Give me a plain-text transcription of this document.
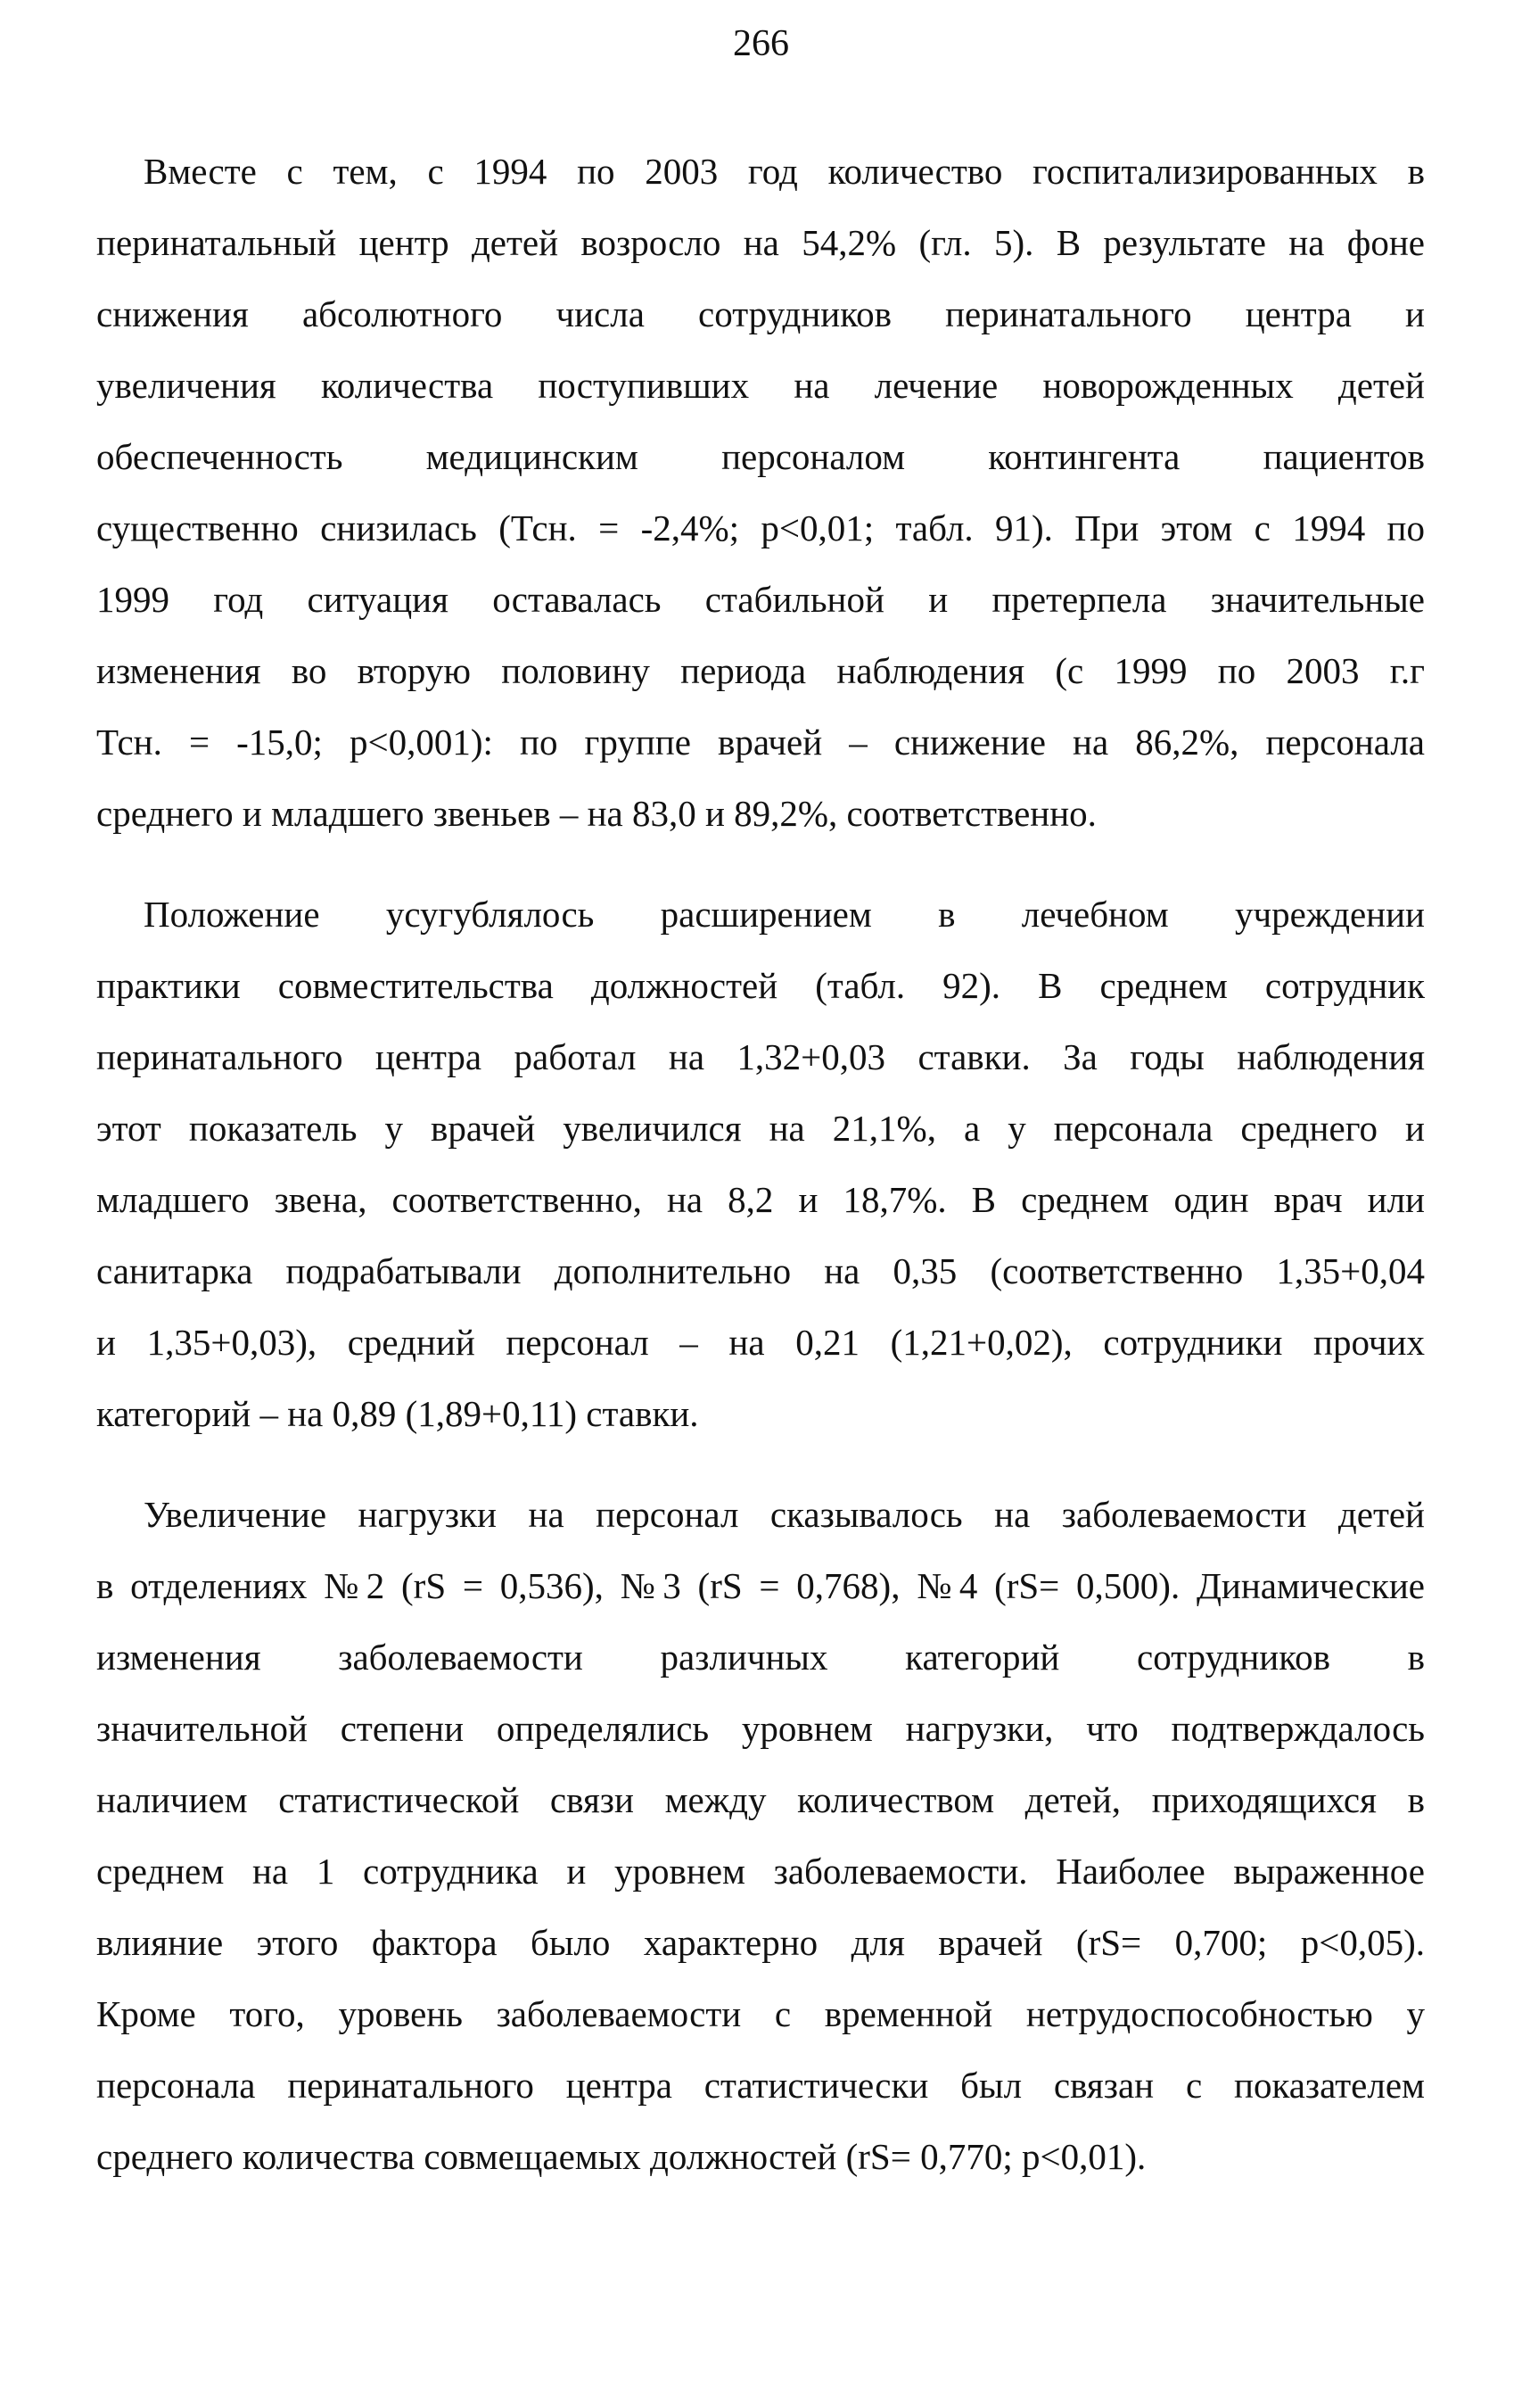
266
Вместе с тем, с 1994 по 2003 год количество госпитализированных в
перинатальный центр детей возросло на 54,2% (гл. 5). В результате на фоне
снижения абсолютного числа сотрудников перинатального центра и
увеличения количества поступивших на лечение новорожденных детей
обеспеченность медицинским персоналом контингента пациентов
существенно снизилась (Тсн. = -2,4%; p<0,01; табл. 91). При этом с 1994 по
1999 год ситуация оставалась стабильной и претерпела значительные
изменения во вторую половину периода наблюдения (с 1999 по 2003 г.г
Тсн. = -15,0; p<0,001): по группе врачей – снижение на 86,2%, персонала
среднего и младшего звеньев – на 83,0 и 89,2%, соответственно.
Положение усугублялось расширением в лечебном учреждении
практики совместительства должностей (табл. 92). В среднем сотрудник
перинатального центра работал на 1,32+0,03 ставки. За годы наблюдения
этот показатель у врачей увеличился на 21,1%, а у персонала среднего и
младшего звена, соответственно, на 8,2 и 18,7%. В среднем один врач или
санитарка подрабатывали дополнительно на 0,35 (соответственно 1,35+0,04
и 1,35+0,03), средний персонал – на 0,21 (1,21+0,02), сотрудники прочих
категорий – на 0,89 (1,89+0,11) ставки.
Увеличение нагрузки на персонал сказывалось на заболеваемости детей
в отделениях №2 (rS = 0,536), №3 (rS = 0,768), №4 (rS= 0,500). Динамические
изменения заболеваемости различных категорий сотрудников в
значительной степени определялись уровнем нагрузки, что подтверждалось
наличием статистической связи между количеством детей, приходящихся в
среднем на 1 сотрудника и уровнем заболеваемости. Наиболее выраженное
влияние этого фактора было характерно для врачей (rS= 0,700; p<0,05).
Кроме того, уровень заболеваемости с временной нетрудоспособностью у
персонала перинатального центра статистически был связан с показателем
среднего количества совмещаемых должностей (rS= 0,770; p<0,01).
